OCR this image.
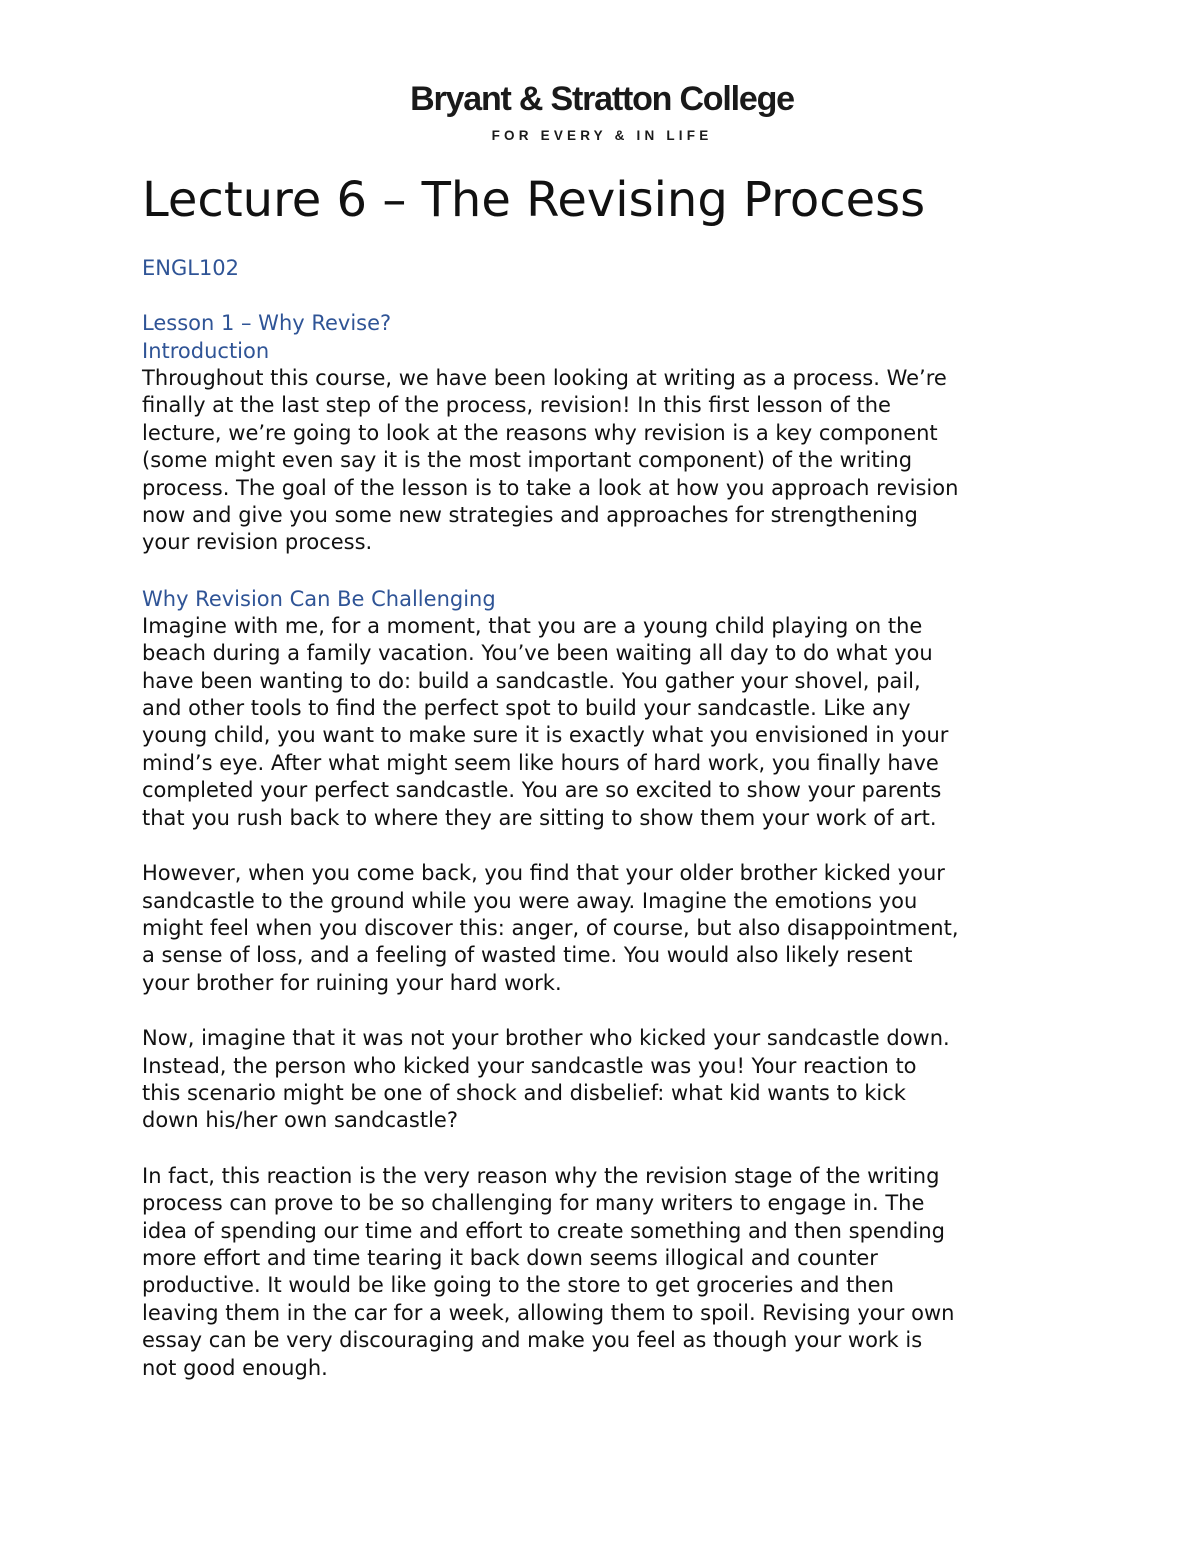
Bryant & Stratton College
FOR EVERY & IN LIFE
Lecture 6 – The Revising Process
ENGL102
Lesson 1 – Why Revise?
Introduction

Throughout this course, we have been looking at writing as a process. We’re
finally at the last step of the process, revision! In this first lesson of the
lecture, we’re going to look at the reasons why revision is a key component
(some might even say it is the most important component) of the writing
process. The goal of the lesson is to take a look at how you approach revision
now and give you some new strategies and approaches for strengthening
your revision process.

Why Revision Can Be Challenging

Imagine with me, for a moment, that you are a young child playing on the
beach during a family vacation. You’ve been waiting all day to do what you
have been wanting to do: build a sandcastle. You gather your shovel, pail,
and other tools to find the perfect spot to build your sandcastle. Like any
young child, you want to make sure it is exactly what you envisioned in your
mind’s eye. After what might seem like hours of hard work, you finally have
completed your perfect sandcastle. You are so excited to show your parents
that you rush back to where they are sitting to show them your work of art.

However, when you come back, you find that your older brother kicked your
sandcastle to the ground while you were away. Imagine the emotions you
might feel when you discover this: anger, of course, but also disappointment,
a sense of loss, and a feeling of wasted time. You would also likely resent
your brother for ruining your hard work.

Now, imagine that it was not your brother who kicked your sandcastle down.
Instead, the person who kicked your sandcastle was you! Your reaction to
this scenario might be one of shock and disbelief: what kid wants to kick
down his/her own sandcastle?

In fact, this reaction is the very reason why the revision stage of the writing
process can prove to be so challenging for many writers to engage in. The
idea of spending our time and effort to create something and then spending
more effort and time tearing it back down seems illogical and counter
productive. It would be like going to the store to get groceries and then
leaving them in the car for a week, allowing them to spoil. Revising your own
essay can be very discouraging and make you feel as though your work is
not good enough.
